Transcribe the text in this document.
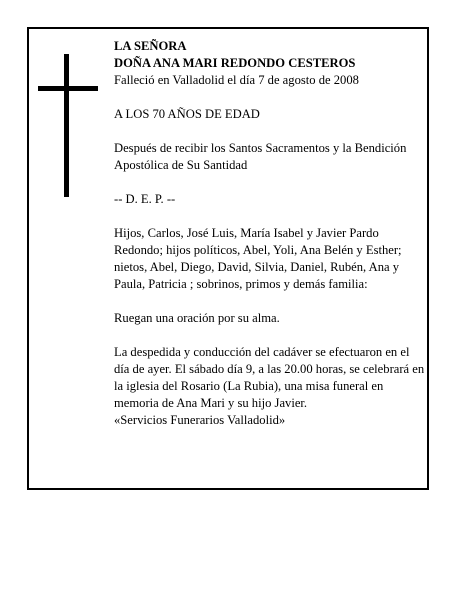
LA SEÑORA

DOÑA ANA MARI REDONDO CESTEROS

Falleció en Valladolid el día 7 de agosto de 2008

A LOS 70 AÑOS DE EDAD

Después de recibir los Santos Sacramentos y la Bendición Apostólica de Su Santidad

-- D. E. P. --

Hijos, Carlos, José Luis, María Isabel y Javier Pardo Redondo; hijos políticos, Abel, Yoli, Ana Belén y Esther; nietos, Abel, Diego, David, Silvia, Daniel, Rubén, Ana y Paula, Patricia ; sobrinos, primos y demás familia:

Ruegan una oración por su alma.

La despedida y conducción del cadáver se efectuaron en el día de ayer. El sábado día 9, a las 20.00 horas, se celebrará en la iglesia del Rosario (La Rubia), una misa funeral en memoria de Ana Mari y su hijo Javier.

«Servicios Funerarios Valladolid»
